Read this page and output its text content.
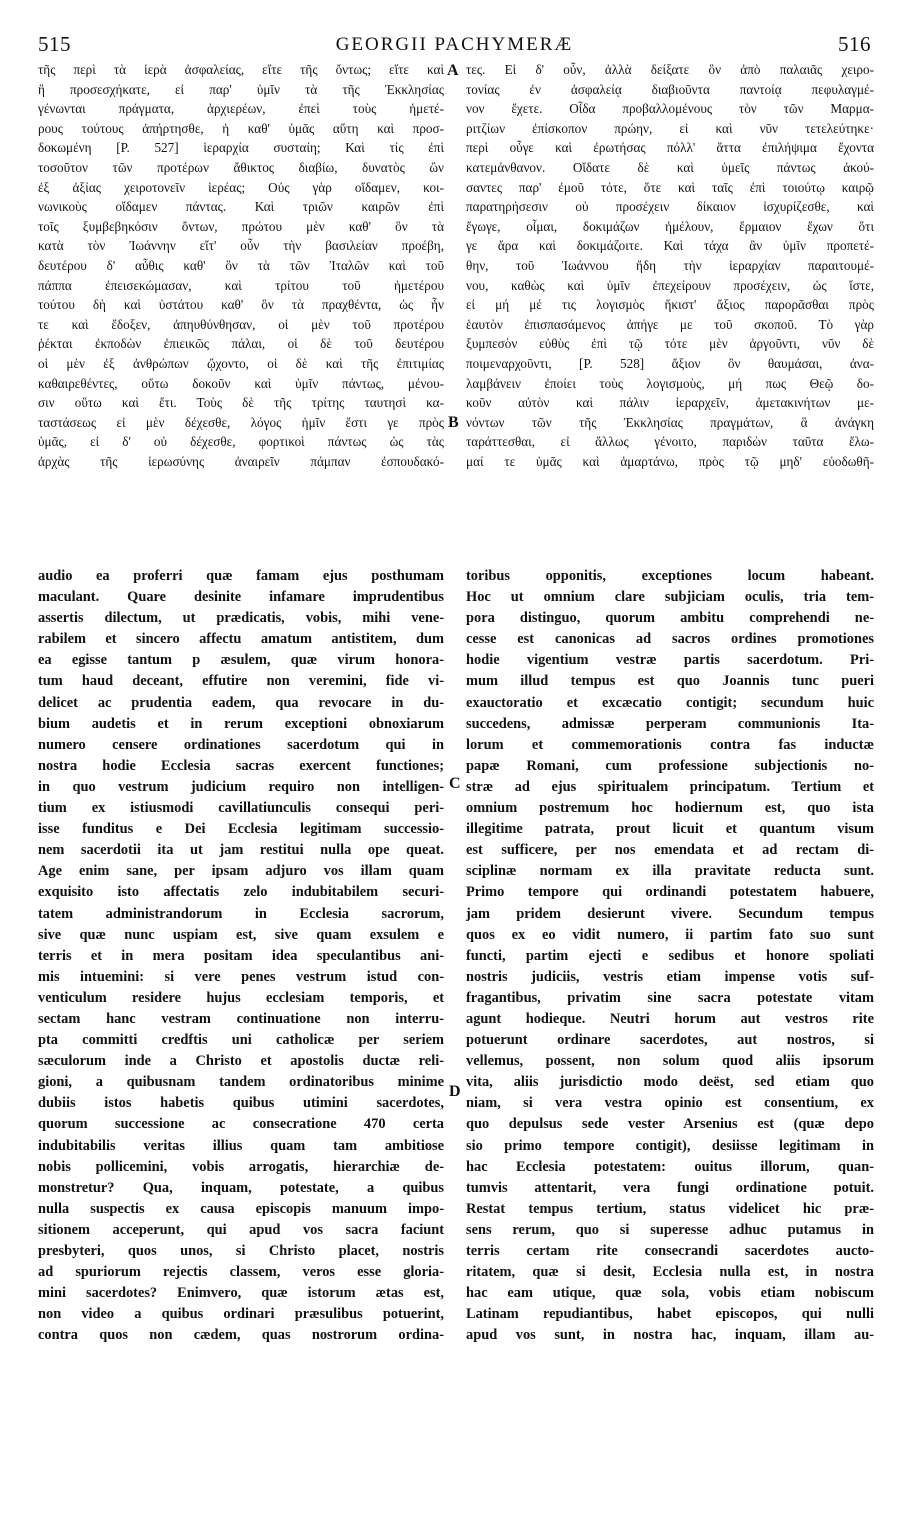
515	GEORGII PACHYMERÆ	516
τῆς περὶ τὰ ἱερὰ ἀσφαλείας, εἴτε τῆς ὄντως; εἴτε καὶ
ἣ προσεσχήκατε, εἰ παρ' ὑμῖν τὰ τῆς Ἐκκλησίας
γένωνται πράγματα, ἀρχιερέων, ἐπεὶ τοὺς ἡμετέ-
ρους τούτους ἀπήρτησθε, ἡ καθ' ὑμᾶς αὕτη καὶ προσ-
δοκωμένη [P. 527] ἱεραρχία συσταίη; Καὶ τίς ἐπὶ
τοσοῦτον τῶν προτέρων ἄθικτος διαβίω, δυνατὸς ὢν
ἐξ ἀξίας χειροτονεῖν ἱερέας; Οὐς γὰρ οἴδαμεν, κοι-
νωνικοὺς οἴδαμεν πάντας. Καὶ τριῶν καιρῶν ἐπὶ
τοῖς ξυμβεβηκόσιν ὄντων, πρώτου μὲν καθ' ὃν τὰ
κατὰ τὸν Ἰωάννην εἴτ' οὖν τὴν βασιλείαν προέβη,
δευτέρου δ' αὖθις καθ' ὃν τὰ τῶν Ἰταλῶν καὶ τοῦ
πάππα ἐπεισεκώμασαν, καὶ τρίτου τοῦ ἡμετέρου
τούτου δὴ καὶ ὑστάτου καθ' ὃν τὰ πραχθέντα, ὡς ἦν
τε καὶ ἔδοξεν, ἀπηυθύνθησαν, οἱ μὲν τοῦ προτέρου
ῥέκται ἐκποδὼν ἐπιεικῶς πάλαι, οἱ δὲ τοῦ δευτέρου
οἱ μὲν ἐξ ἀνθρώπων ᾤχοντο, οἱ δὲ καὶ τῆς ἐπιτιμίας
καθαιρεθέντες, οὕτω δοκοῦν καὶ ὑμῖν πάντως, μένου-
σιν οὕτω καὶ ἔτι. Τοὺς δὲ τῆς τρίτης ταυτησὶ κα-
ταστάσεως εἰ μὲν δέχεσθε, λόγος ἡμῖν ἔστι γε πρὸς
ὑμᾶς, εἰ δ' οὐ δέχεσθε, φορτικοὶ πάντως ὡς τὰς
ἀρχὰς τῆς ἱερωσύνης ἀναιρεῖν πάμπαν ἐσπουδακό-
τες. Εἰ δ' οὖν, ἀλλὰ δείξατε ὃν ἀπὸ παλαιᾶς χειρο-
τονίας ἐν ἀσφαλείᾳ διαβιοῦντα παντοίᾳ πεφυλαγμέ-
νον ἔχετε. Οἶδα προβαλλομένους τὸν τῶν Μαρμα-
ριτζίων ἐπίσκοπον πρώην, εἰ καὶ νῦν τετελεύτηκε·
περὶ οὗγε καὶ ἐρωτήσας πόλλ' ἅττα ἐπιλήψιμα ἔχοντα
κατεμάνθανον. Οἴδατε δὲ καὶ ὑμεῖς πάντως ἀκού-
σαντες παρ' ἐμοῦ τότε, ὅτε καὶ ταῖς ἐπὶ τοιούτῳ καιρῷ
παρατηρήσεσιν οὐ προσέχειν δίκαιον ἰσχυρίζεσθε, καὶ
ἔγωγε, οἶμαι, δοκιμάζων ἠμέλουν, ἕρμαιον ἔχων ὅτι
γε ἄρα καὶ δοκιμάζοιτε. Καὶ τάχα ἂν ὑμῖν προπετέ-
θην, τοῦ Ἰωάννου ἤδη τὴν ἱεραρχίαν παραιτουμέ-
νου, καθὼς καὶ ὑμῖν ἐπεχείρουν προσέχειν, ὡς ἴστε,
εἰ μή μέ τις λογισμὸς ἥκιστ' ἄξιος παρορᾶσθαι πρὸς
ἑαυτὸν ἐπισπασάμενος ἀπήγε με τοῦ σκοποῦ. Τὸ γὰρ
ξυμπεσὸν εὐθὺς ἐπὶ τῷ τότε μὲν ἀργοῦντι, νῦν δὲ
ποιμεναρχοῦντι, [P. 528] ἄξιον ὂν θαυμάσαι, ἀνα-
λαμβάνειν ἐποίει τοὺς λογισμοὺς, μή πως Θεῷ δο-
κοῦν αὐτὸν καὶ πάλιν ἱεραρχεῖν, ἀμετακινήτων με-
νόντων τῶν τῆς Ἐκκλησίας πραγμάτων, ἃ ἀνάγκη
ταράττεσθαι, εἰ ἄλλως γένοιτο, παριδὼν ταῦτα ἔλω-
μαί τε ὑμᾶς καὶ ἁμαρτάνω, πρὸς τῷ μηδ' εὐοδωθῆ-
audio ea proferri quæ famam ejus posthumam
maculant. Quare desinite infamare imprudentibus
assertis dilectum, ut prædicatis, vobis, mihi vene-
rabilem et sincero affectu amatum antistitem, dum
ea egisse tantum p æsulem, quæ virum honora-
tum haud deceant, effutire non veremini, fide vi-
delicet ac prudentia eadem, qua revocare in du-
bium audetis et in rerum exceptioni obnoxiarum
numero censere ordinationes sacerdotum qui in
nostra hodie Ecclesia sacras exercent functiones;
in quo vestrum judicium requiro non intelligen-
tium ex istiusmodi cavillatiunculis consequi peri-
isse funditus e Dei Ecclesia legitimam successio-
nem sacerdotii ita ut jam restitui nulla ope queat.
Age enim sane, per ipsam adjuro vos illam quam
exquisito isto affectatis zelo indubitabilem securi-
tatem administrandorum in Ecclesia sacrorum,
sive quæ nunc uspiam est, sive quam exsulem e
terris et in mera positam idea speculantibus ani-
mis intuemini: si vere penes vestrum istud con-
venticulum residere hujus ecclesiam temporis, et
sectam hanc vestram continuatione non interru-
pta committi credftis uni catholicæ per seriem
sæculorum inde a Christo et apostolis ductæ reli-
gioni, a quibusnam tandem ordinatoribus minime
dubiis istos habetis quibus utimini sacerdotes,
quorum successione ac consecratione 470 certa
indubitabilis veritas illius quam tam ambitiose
nobis pollicemini, vobis arrogatis, hierarchiæ de-
monstretur? Qua, inquam, potestate, a quibus
nulla suspectis ex causa episcopis manuum impo-
sitionem acceperunt, qui apud vos sacra faciunt
presbyteri, quos unos, si Christo placet, nostris
ad spuriorum rejectis classem, veros esse gloria-
mini sacerdotes? Enimvero, quæ istorum ætas est,
non video a quibus ordinari præsulibus potuerint,
contra quos non cædem, quas nostrorum ordina-
toribus opponitis, exceptiones locum habeant.
Hoc ut omnium clare subjiciam oculis, tria tem-
pora distinguo, quorum ambitu comprehendi ne-
cesse est canonicas ad sacros ordines promotiones
hodie vigentium vestræ partis sacerdotum. Pri-
mum illud tempus est quo Joannis tunc pueri
exauctoratio et excæcatio contigit; secundum huic
succedens, admissæ perperam communionis Ita-
lorum et commemorationis contra fas inductæ
papæ Romani, cum professione subjectionis no-
stræ ad ejus spiritualem principatum. Tertium et
omnium postremum hoc hodiernum est, quo ista
illegitime patrata, prout licuit et quantum visum
est sufficere, per nos emendata et ad rectam di-
sciplinæ normam ex illa pravitate reducta sunt.
Primo tempore qui ordinandi potestatem habuere,
jam pridem desierunt vivere. Secundum tempus
quos ex eo vidit numero, ii partim fato suo sunt
functi, partim ejecti e sedibus et honore spoliati
nostris judiciis, vestris etiam impense votis suf-
fragantibus, privatim sine sacra potestate vitam
agunt hodieque. Neutri horum aut vestros rite
potuerunt ordinare sacerdotes, aut nostros, si
vellemus, possent, non solum quod aliis ipsorum
vita, aliis jurisdictio modo deëst, sed etiam quo
niam, si vera vestra opinio est consentium, ex
quo depulsus sede vester Arsenius est (quæ depo
sio primo tempore contigit), desiisse legitimam in
hac Ecclesia potestatem: ouitus illorum, quan-
tumvis attentarit, vera fungi ordinatione potuit.
Restat tempus tertium, status videlicet hic præ-
sens rerum, quo si superesse adhuc putamus in
terris certam rite consecrandi sacerdotes aucto-
ritatem, quæ si desit, Ecclesia nulla est, in nostra
hac eam utique, quæ sola, vobis etiam nobiscum
Latinam repudiantibus, habet episcopos, qui nulli
apud vos sunt, in nostra hac, inquam, illam au-
A
B
C
D
